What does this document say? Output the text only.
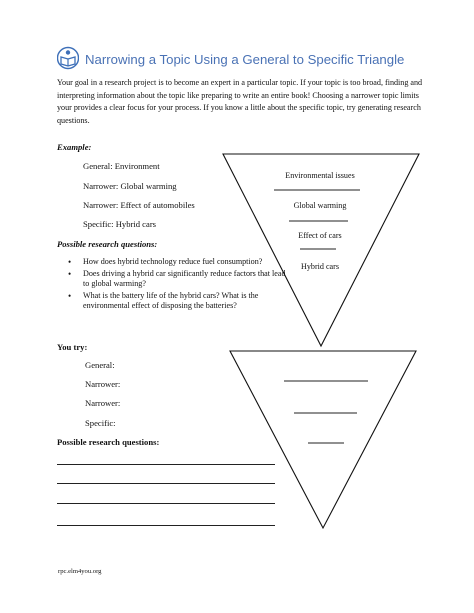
Narrowing a Topic Using a General to Specific Triangle
Your goal in a research project is to become an expert in a particular topic. If your topic is too broad, finding and interpreting information about the topic like preparing to write an entire book! Choosing a narrower topic limits your provides a clear focus for your process. If you know a little about the specific topic, try generating research questions.
Example:
General: Environment
Narrower: Global warming
Narrower: Effect of automobiles
Specific: Hybrid cars
Possible research questions:
• How does hybrid technology reduce fuel consumption?
• Does driving a hybrid car significantly reduce factors that lead to global warming?
• What is the battery life of the hybrid cars? What is the environmental effect of disposing the batteries?
Environmental issues
Global warming
Effect of cars
Hybrid cars
You try:
General:
Narrower:
Narrower:
Specific:
Possible research questions:
rpc.elm4you.org
